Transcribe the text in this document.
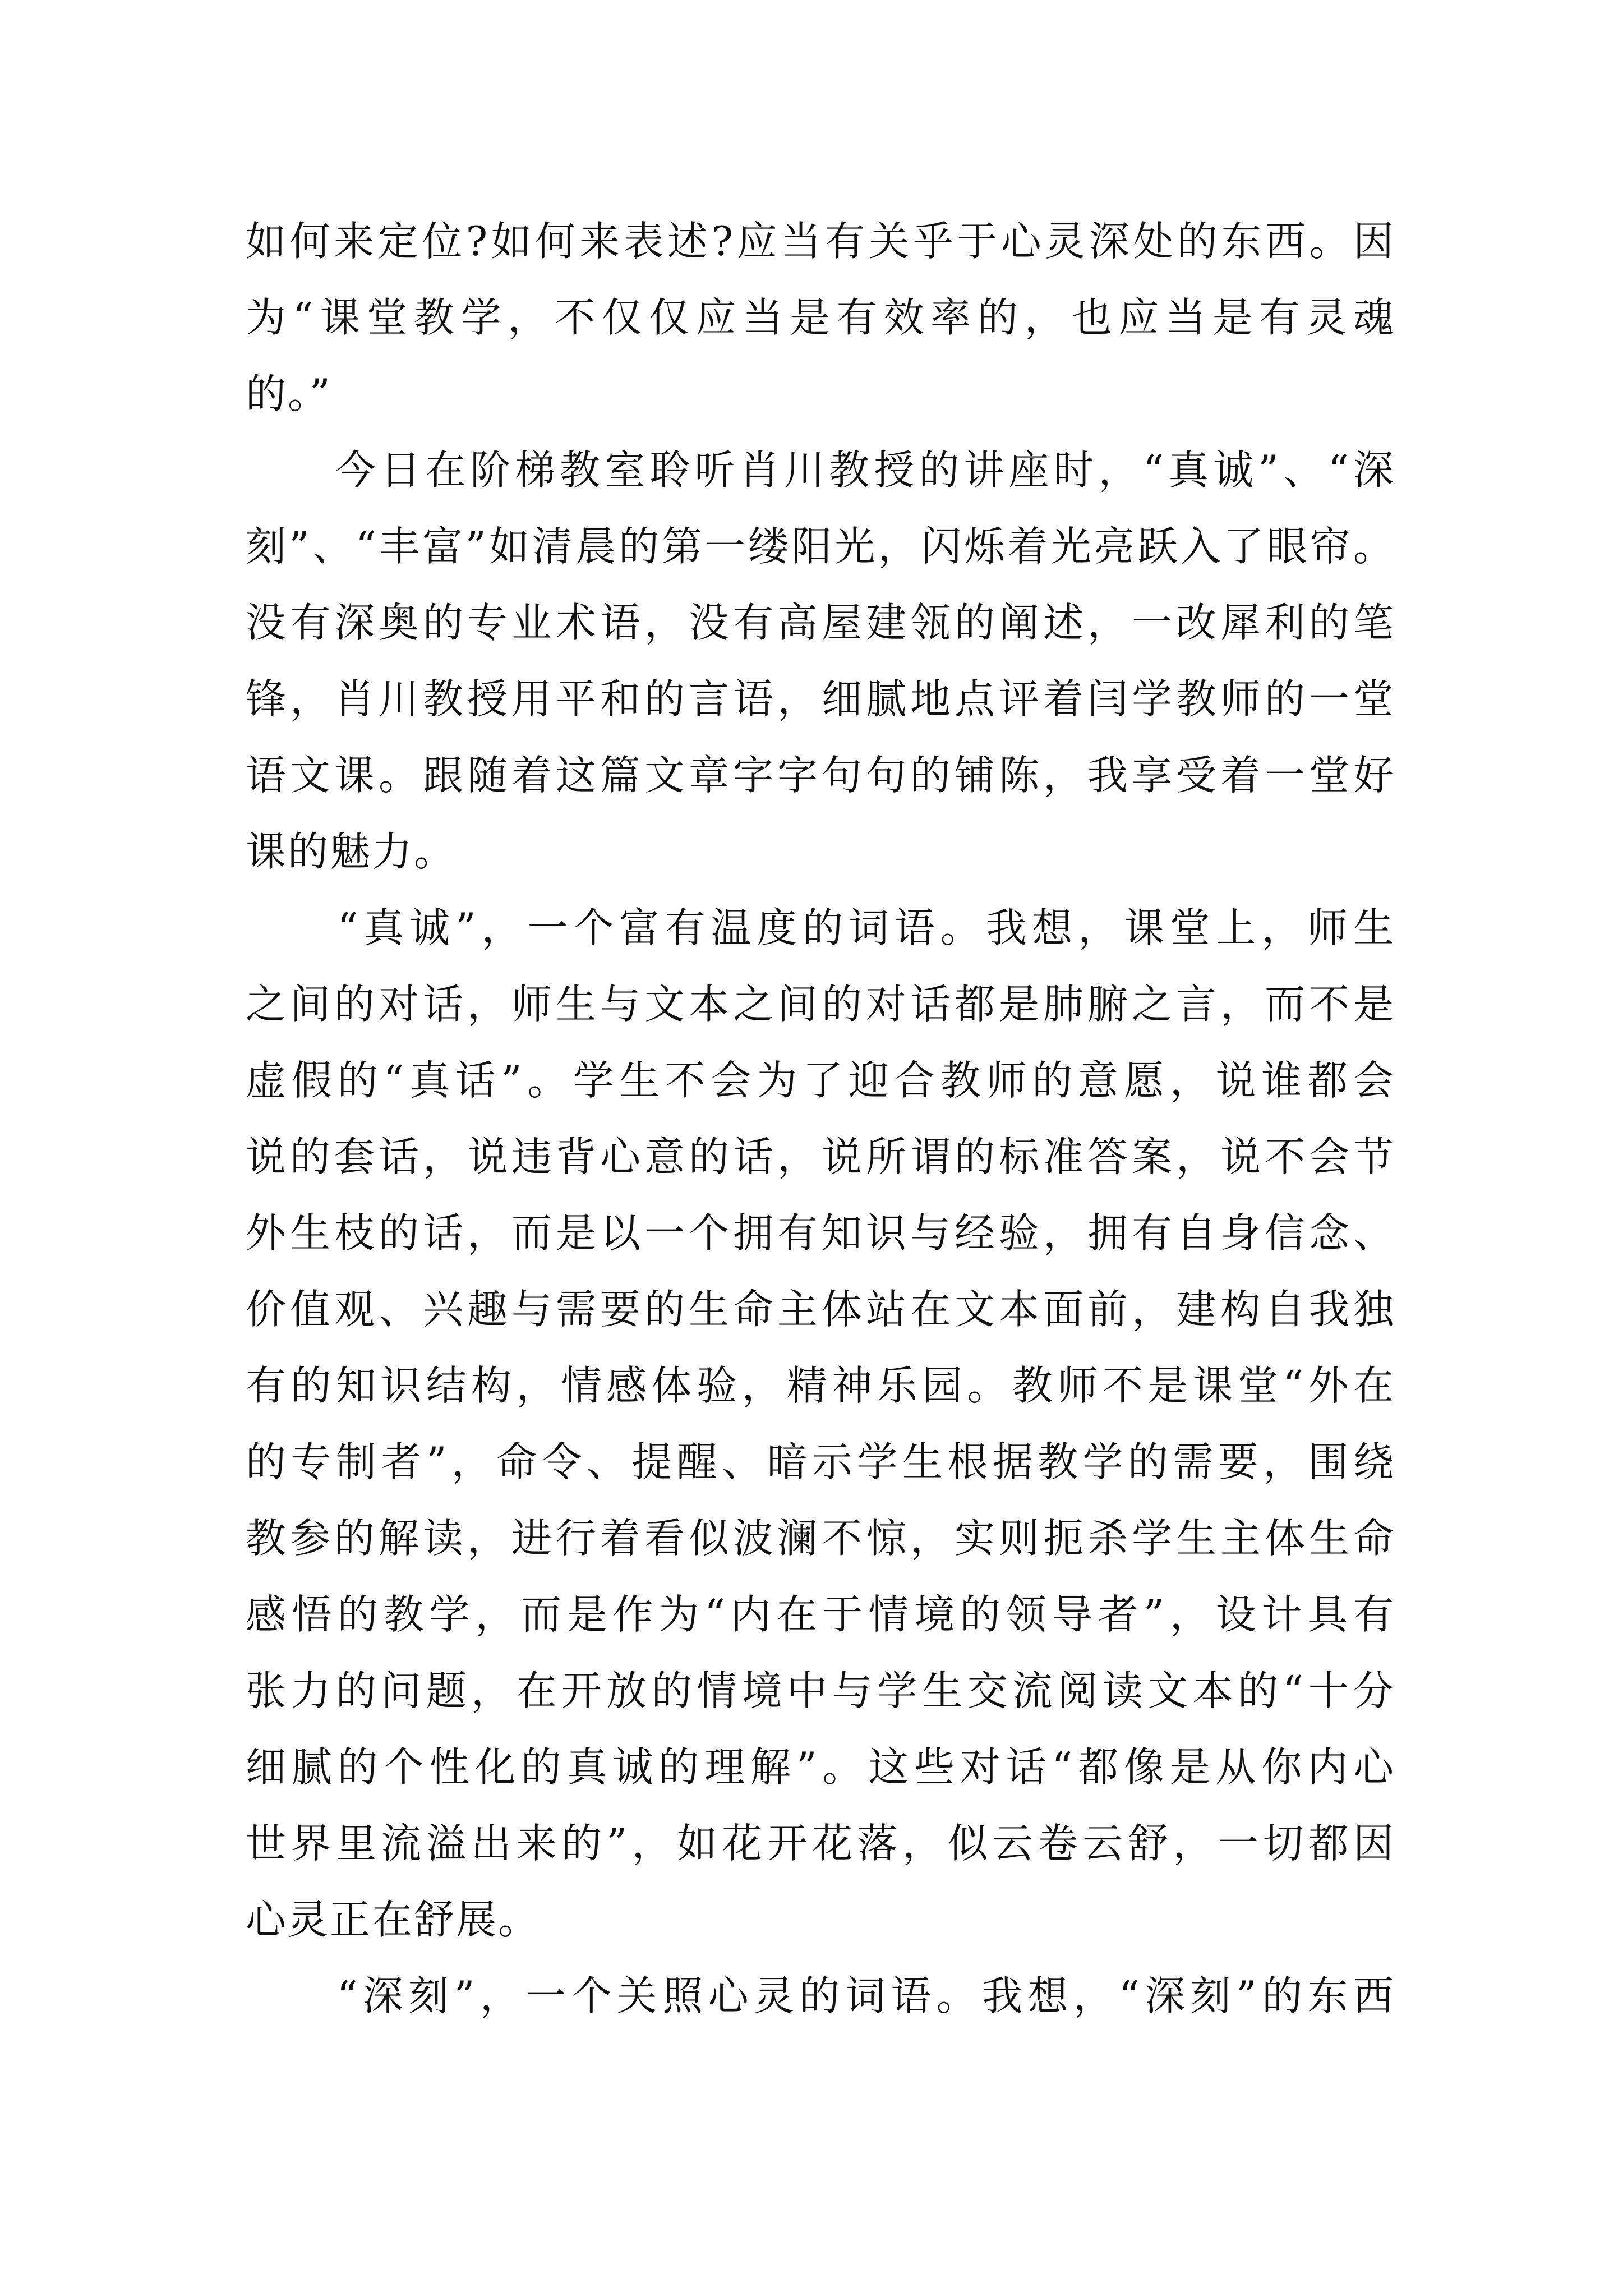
如何来定位?如何来表述?应当有关乎于心灵深处的东西。因
为“课堂教学，不仅仅应当是有效率的，也应当是有灵魂
的。”
　　今日在阶梯教室聆听肖川教授的讲座时，“真诚”、“深
刻”、“丰富”如清晨的第一缕阳光，闪烁着光亮跃入了眼帘。
没有深奥的专业术语，没有高屋建瓴的阐述，一改犀利的笔
锋，肖川教授用平和的言语，细腻地点评着闫学教师的一堂
语文课。跟随着这篇文章字字句句的铺陈，我享受着一堂好
课的魅力。
　　“真诚”，一个富有温度的词语。我想，课堂上，师生
之间的对话，师生与文本之间的对话都是肺腑之言，而不是
虚假的“真话”。学生不会为了迎合教师的意愿，说谁都会
说的套话，说违背心意的话，说所谓的标准答案，说不会节
外生枝的话，而是以一个拥有知识与经验，拥有自身信念、
价值观、兴趣与需要的生命主体站在文本面前，建构自我独
有的知识结构，情感体验，精神乐园。教师不是课堂“外在
的专制者”，命令、提醒、暗示学生根据教学的需要，围绕
教参的解读，进行着看似波澜不惊，实则扼杀学生主体生命
感悟的教学，而是作为“内在于情境的领导者”，设计具有
张力的问题，在开放的情境中与学生交流阅读文本的“十分
细腻的个性化的真诚的理解”。这些对话“都像是从你内心
世界里流溢出来的”，如花开花落，似云卷云舒，一切都因
心灵正在舒展。
　　“深刻”，一个关照心灵的词语。我想，“深刻”的东西
